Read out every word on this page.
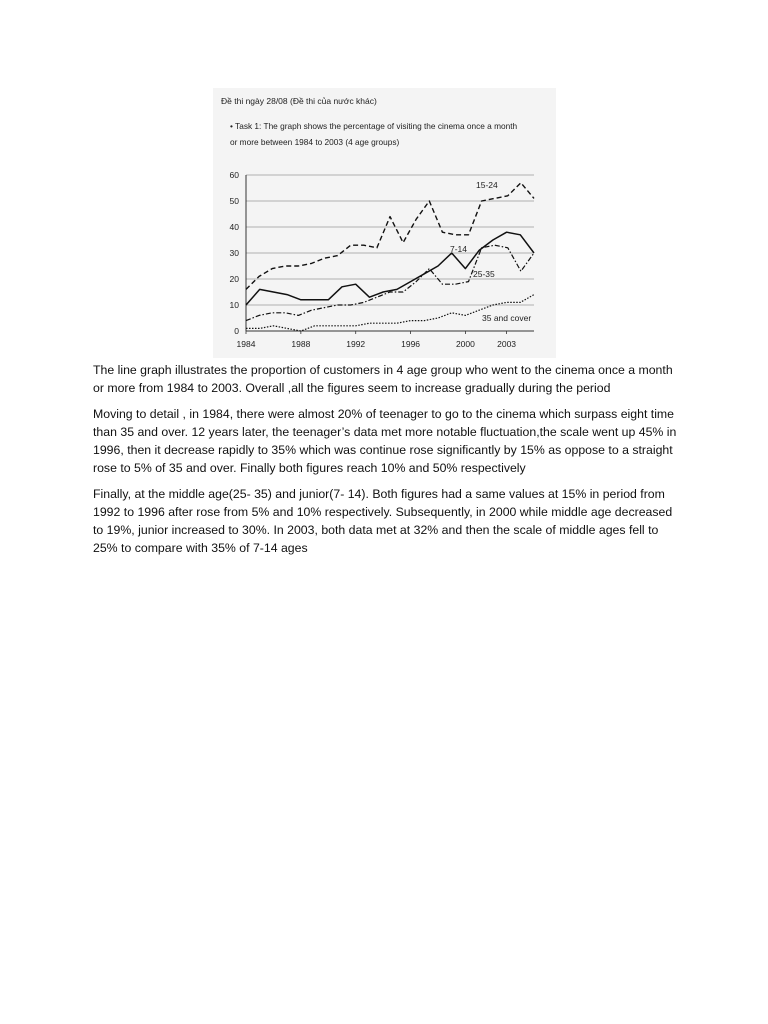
Đề thi ngày 28/08 (Đề thi của nước khác)
• Task 1: The graph shows the percentage of visiting the cinema once a month
or more between 1984 to 2003 (4 age groups)
0
10
20
30
40
50
60
1984	1988	1992	1996	2000	2003
15-24
7-14
25-35
35 and cover

The line graph illustrates the proportion of customers in 4 age group who went to the cinema once a month or more from 1984 to 2003. Overall ,all the figures seem to increase gradually during the period

Moving to detail , in 1984, there were almost 20% of teenager to go to the cinema which surpass eight time than 35 and over. 12 years later, the teenager’s data met more notable fluctuation,the scale went up 45% in 1996, then it decrease rapidly to 35% which was continue rose significantly by 15% as oppose to a straight rose to 5% of 35 and over. Finally both figures reach 10% and 50% respectively

Finally, at the middle age(25- 35) and junior(7- 14). Both figures had a same values at 15% in period from 1992 to 1996 after rose from 5% and 10% respectively. Subsequently, in 2000 while middle age decreased to 19%, junior increased to 30%. In 2003, both data met at 32% and then the scale of middle ages fell to 25% to compare with 35% of 7-14 ages
